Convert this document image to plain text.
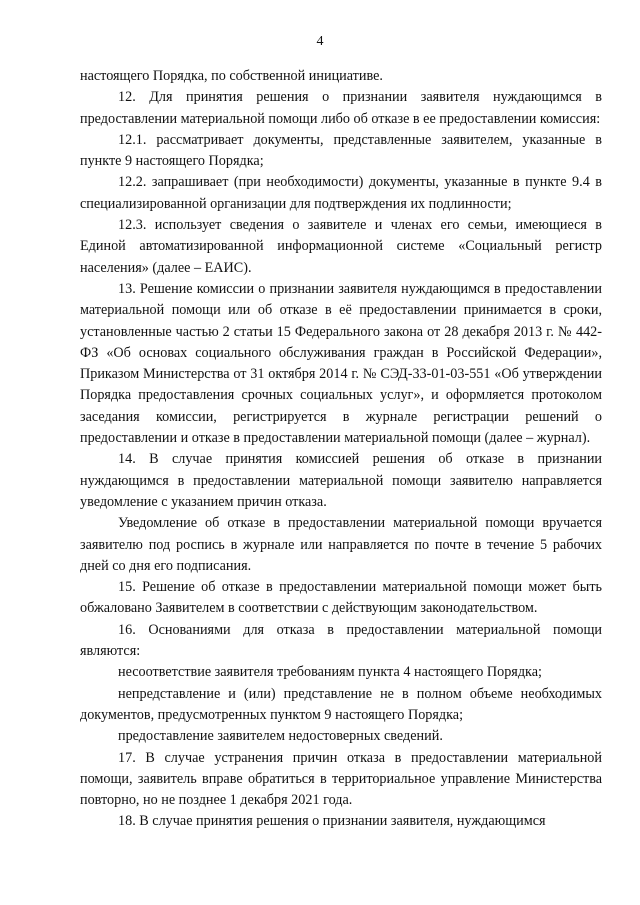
4

настоящего Порядка, по собственной инициативе.

12. Для принятия решения о признании заявителя нуждающимся в предоставлении материальной помощи либо об отказе в ее предоставлении комиссия:

12.1. рассматривает документы, представленные заявителем, указанные в пункте 9 настоящего Порядка;

12.2. запрашивает (при необходимости) документы, указанные в пункте 9.4 в специализированной организации для подтверждения их подлинности;

12.3. использует сведения о заявителе и членах его семьи, имеющиеся в Единой автоматизированной информационной системе «Социальный регистр населения» (далее – ЕАИС).

13. Решение комиссии о признании заявителя нуждающимся в предоставлении материальной помощи или об отказе в её предоставлении принимается в сроки, установленные частью 2 статьи 15 Федерального закона от 28 декабря 2013 г. № 442-ФЗ «Об основах социального обслуживания граждан в Российской Федерации», Приказом Министерства от 31 октября 2014 г. № СЭД-33-01-03-551 «Об утверждении Порядка предоставления срочных социальных услуг», и оформляется протоколом заседания комиссии, регистрируется в журнале регистрации решений о предоставлении и отказе в предоставлении материальной помощи (далее – журнал).

14. В случае принятия комиссией решения об отказе в признании нуждающимся в предоставлении материальной помощи заявителю направляется уведомление с указанием причин отказа.

Уведомление об отказе в предоставлении материальной помощи вручается заявителю под роспись в журнале или направляется по почте в течение 5 рабочих дней со дня его подписания.

15. Решение об отказе в предоставлении материальной помощи может быть обжаловано Заявителем в соответствии с действующим законодательством.

16. Основаниями для отказа в предоставлении материальной помощи являются:

несоответствие заявителя требованиям пункта 4 настоящего Порядка;

непредставление и (или) представление не в полном объеме необходимых документов, предусмотренных пунктом 9 настоящего Порядка;

предоставление заявителем недостоверных сведений.

17. В случае устранения причин отказа в предоставлении материальной помощи, заявитель вправе обратиться в территориальное управление Министерства повторно, но не позднее 1 декабря 2021 года.

18. В случае принятия решения о признании заявителя, нуждающимся
